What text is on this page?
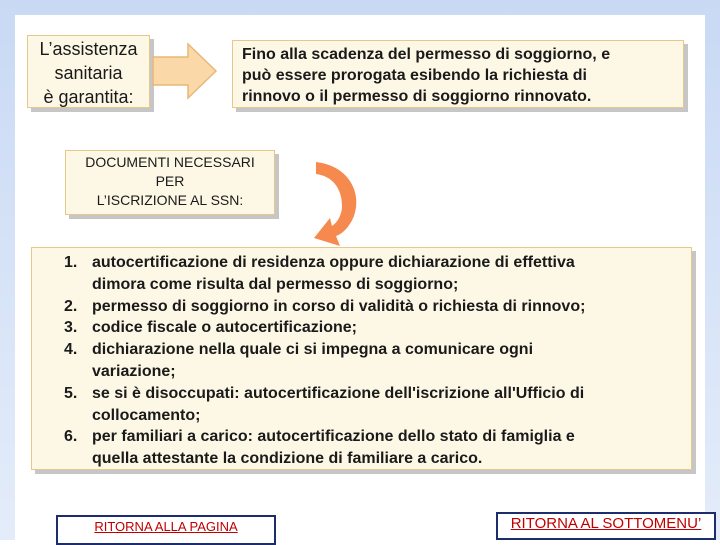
L’assistenza
sanitaria
è garantita:
Fino alla scadenza del permesso di soggiorno, e
può essere prorogata esibendo la richiesta di
rinnovo o il permesso di soggiorno rinnovato.
DOCUMENTI NECESSARI
PER
L’ISCRIZIONE AL SSN:
1. autocertificazione di residenza oppure dichiarazione di effettiva
dimora come risulta dal permesso di soggiorno;
2. permesso di soggiorno in corso di validità o richiesta di rinnovo;
3. codice fiscale o autocertificazione;
4. dichiarazione nella quale ci si impegna a comunicare ogni
variazione;
5. se si è disoccupati: autocertificazione dell'iscrizione all'Ufficio di
collocamento;
6. per familiari a carico: autocertificazione dello stato di famiglia e
quella attestante la condizione di familiare a carico.
RITORNA ALLA PAGINA	RITORNA AL SOTTOMENU’
